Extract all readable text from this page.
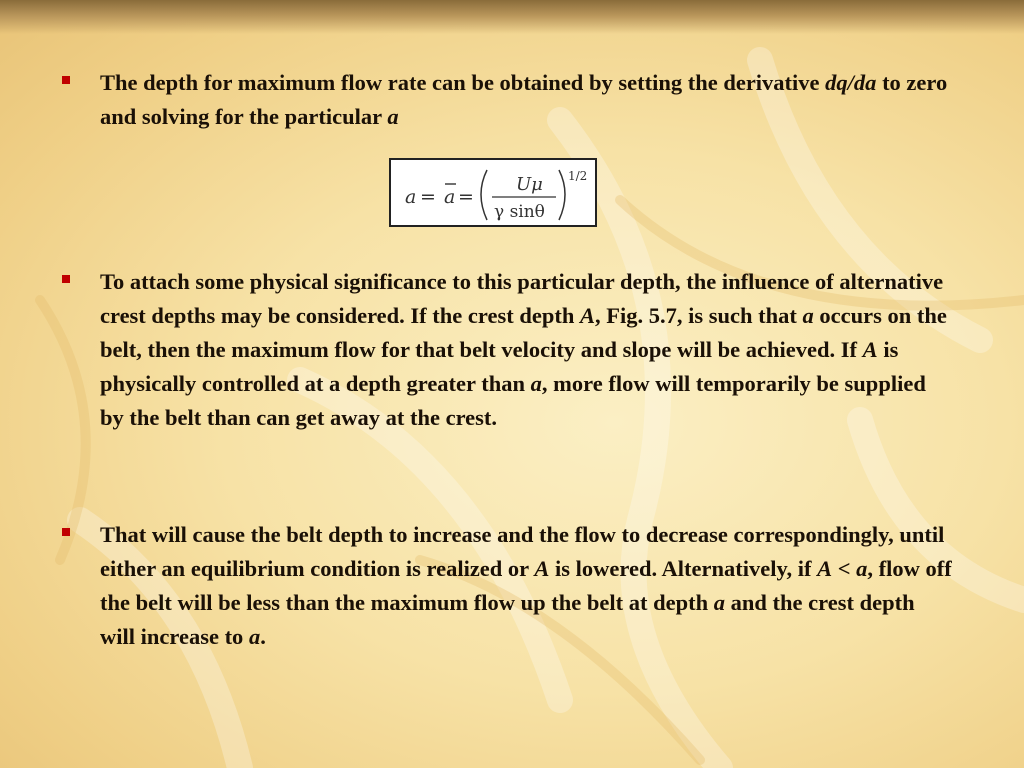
The depth for maximum flow rate can be obtained by setting the derivative dq/da to zero and solving for the particular a
a = a =
Uμ
γ sinθ
1/2
To attach some physical significance to this particular depth, the influence of alternative crest depths may be considered. If the crest depth A, Fig. 5.7, is such that a occurs on the belt, then the maximum flow for that belt velocity and slope will be achieved. If A is physically controlled at a depth greater than a, more flow will temporarily be supplied by the belt than can get away at the crest.
That will cause the belt depth to increase and the flow to decrease correspondingly, until either an equilibrium condition is realized or A is lowered. Alternatively, if A < a, flow off the belt will be less than the maximum flow up the belt at depth a and the crest depth will increase to a.
